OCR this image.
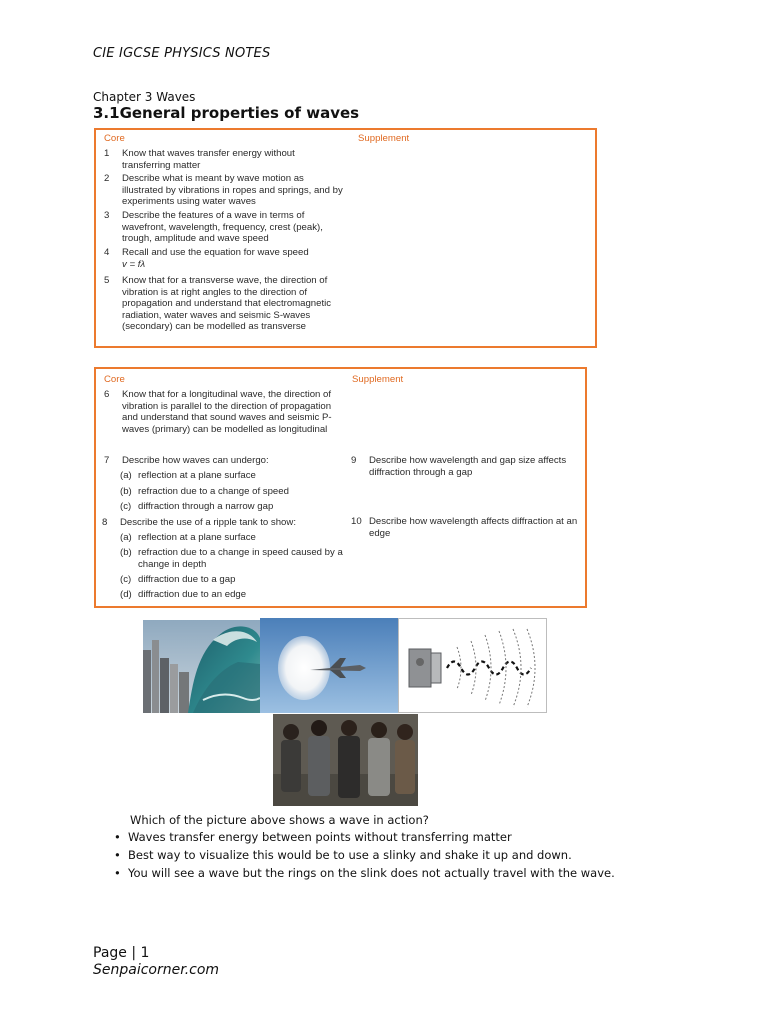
CIE IGCSE PHYSICS NOTES
Chapter 3 Waves
3.1General properties of waves
Core	Supplement
1 Know that waves transfer energy without transferring matter
2 Describe what is meant by wave motion as illustrated by vibrations in ropes and springs, and by experiments using water waves
3 Describe the features of a wave in terms of wavefront, wavelength, frequency, crest (peak), trough, amplitude and wave speed
4 Recall and use the equation for wave speed
v = fλ
5 Know that for a transverse wave, the direction of vibration is at right angles to the direction of propagation and understand that electromagnetic radiation, water waves and seismic S-waves (secondary) can be modelled as transverse
Core	Supplement
6 Know that for a longitudinal wave, the direction of vibration is parallel to the direction of propagation and understand that sound waves and seismic P-waves (primary) can be modelled as longitudinal
7 Describe how waves can undergo:
(a) reflection at a plane surface
(b) refraction due to a change of speed
(c) diffraction through a narrow gap
8 Describe the use of a ripple tank to show:
(a) reflection at a plane surface
(b) refraction due to a change in speed caused by a change in depth
(c) diffraction due to a gap
(d) diffraction due to an edge
9 Describe how wavelength and gap size affects diffraction through a gap
10 Describe how wavelength affects diffraction at an edge
Which of the picture above shows a wave in action?
• Waves transfer energy between points without transferring matter
• Best way to visualize this would be to use a slinky and shake it up and down.
• You will see a wave but the rings on the slink does not actually travel with the wave.
Page | 1
Senpaicorner.com
